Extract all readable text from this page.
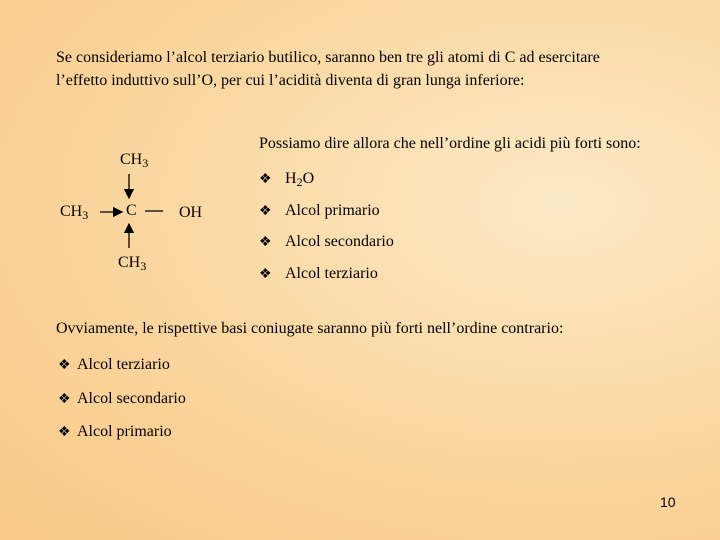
Se consideriamo l’alcol terziario butilico, saranno ben tre gli atomi di C ad esercitare
l’effetto induttivo sull’O, per cui l’acidità diventa di gran lunga inferiore:
$CH_3$
$CH_3$ C	OH
$CH_3$
Possiamo dire allora che nell’ordine gli acidi più forti sono:
❖ $H_2O$
❖ Alcol primario
❖ Alcol secondario
❖ Alcol terziario
Ovviamente, le rispettive basi coniugate saranno più forti nell’ordine contrario:
❖ Alcol terziario
❖ Alcol secondario
❖ Alcol primario
10
